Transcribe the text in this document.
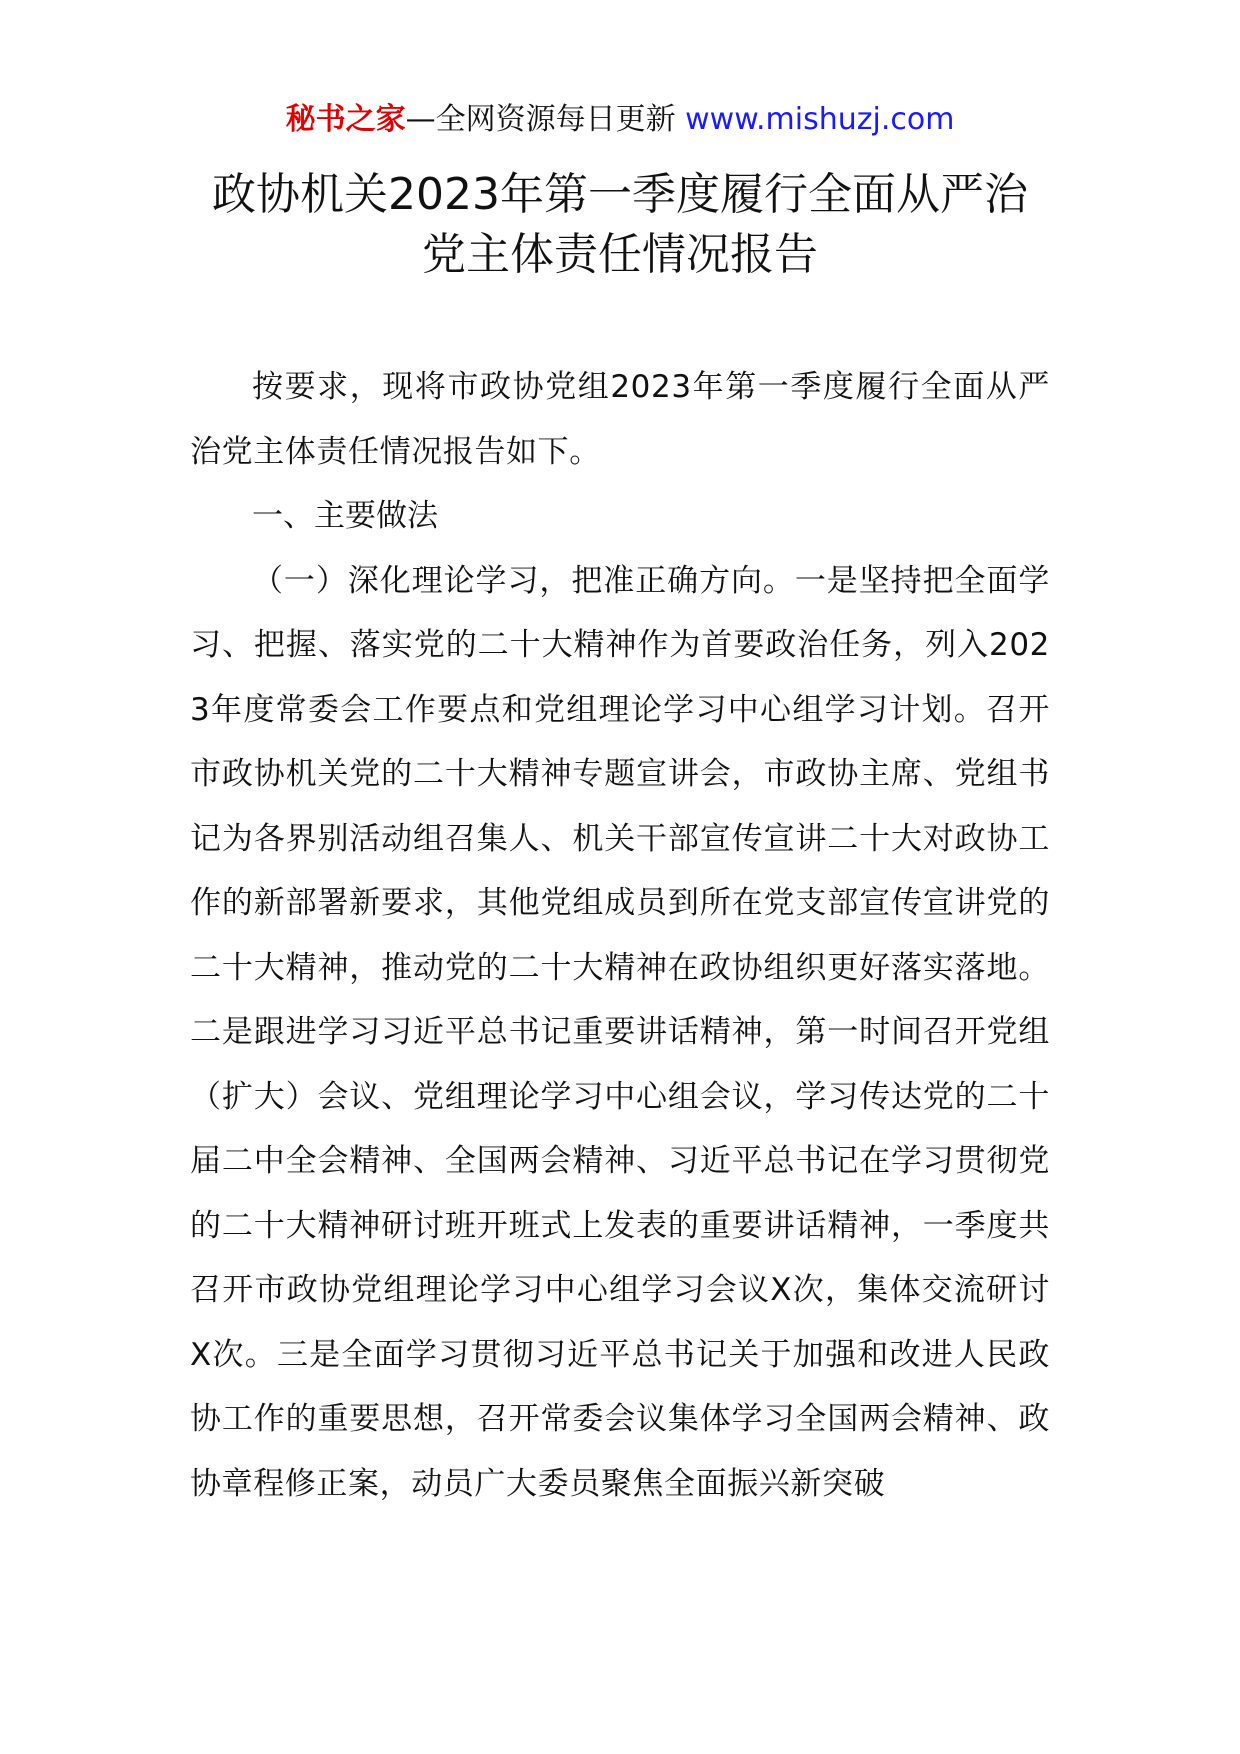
秘书之家—全网资源每日更新 www.mishuzj.com
政协机关2023年第一季度履行全面从严治
党主体责任情况报告

按要求，现将市政协党组2023年第一季度履行全面从严治党主体责任情况报告如下。

一、主要做法

（一）深化理论学习，把准正确方向。一是坚持把全面学习、把握、落实党的二十大精神作为首要政治任务，列入2023年度常委会工作要点和党组理论学习中心组学习计划。召开市政协机关党的二十大精神专题宣讲会，市政协主席、党组书记为各界别活动组召集人、机关干部宣传宣讲二十大对政协工作的新部署新要求，其他党组成员到所在党支部宣传宣讲党的二十大精神，推动党的二十大精神在政协组织更好落实落地。二是跟进学习习近平总书记重要讲话精神，第一时间召开党组（扩大）会议、党组理论学习中心组会议，学习传达党的二十届二中全会精神、全国两会精神、习近平总书记在学习贯彻党的二十大精神研讨班开班式上发表的重要讲话精神，一季度共召开市政协党组理论学习中心组学习会议X次，集体交流研讨X次。三是全面学习贯彻习近平总书记关于加强和改进人民政协工作的重要思想，召开常委会议集体学习全国两会精神、政协章程修正案，动员广大委员聚焦全面振兴新突破
